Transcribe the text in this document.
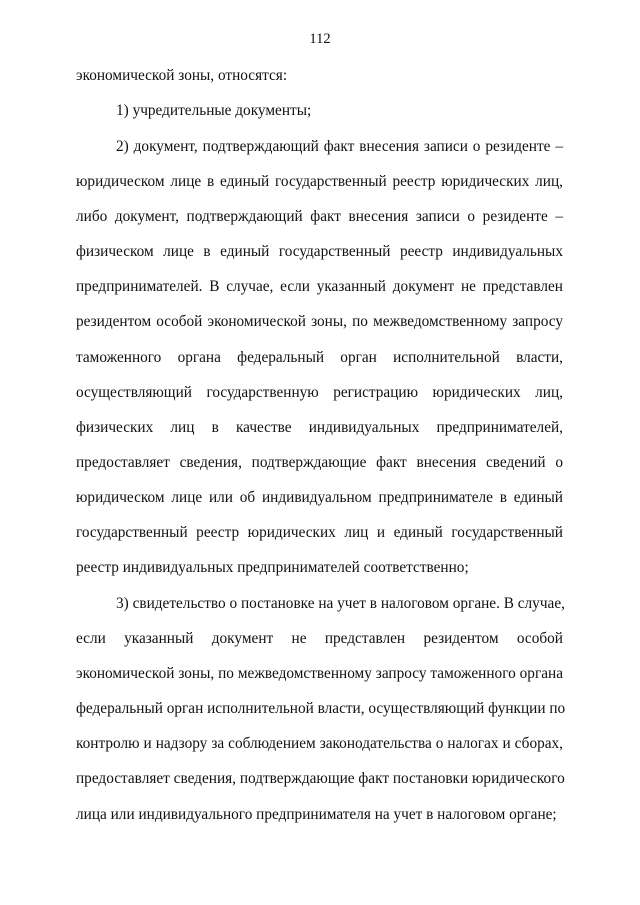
112
экономической зоны, относятся:
1) учредительные документы;
2) документ, подтверждающий факт внесения записи о резиденте –
юридическом лице в единый государственный реестр юридических лиц,
либо документ, подтверждающий факт внесения записи о резиденте –
физическом лице в единый государственный реестр индивидуальных
предпринимателей. В случае, если указанный документ не представлен
резидентом особой экономической зоны, по межведомственному запросу
таможенного органа федеральный орган исполнительной власти,
осуществляющий государственную регистрацию юридических лиц,
физических лиц в качестве индивидуальных предпринимателей,
предоставляет сведения, подтверждающие факт внесения сведений о
юридическом лице или об индивидуальном предпринимателе в единый
государственный реестр юридических лиц и единый государственный
реестр индивидуальных предпринимателей соответственно;
3) свидетельство о постановке на учет в налоговом органе. В случае,
если указанный документ не представлен резидентом особой
экономической зоны, по межведомственному запросу таможенного органа
федеральный орган исполнительной власти, осуществляющий функции по
контролю и надзору за соблюдением законодательства о налогах и сборах,
предоставляет сведения, подтверждающие факт постановки юридического
лица или индивидуального предпринимателя на учет в налоговом органе;
